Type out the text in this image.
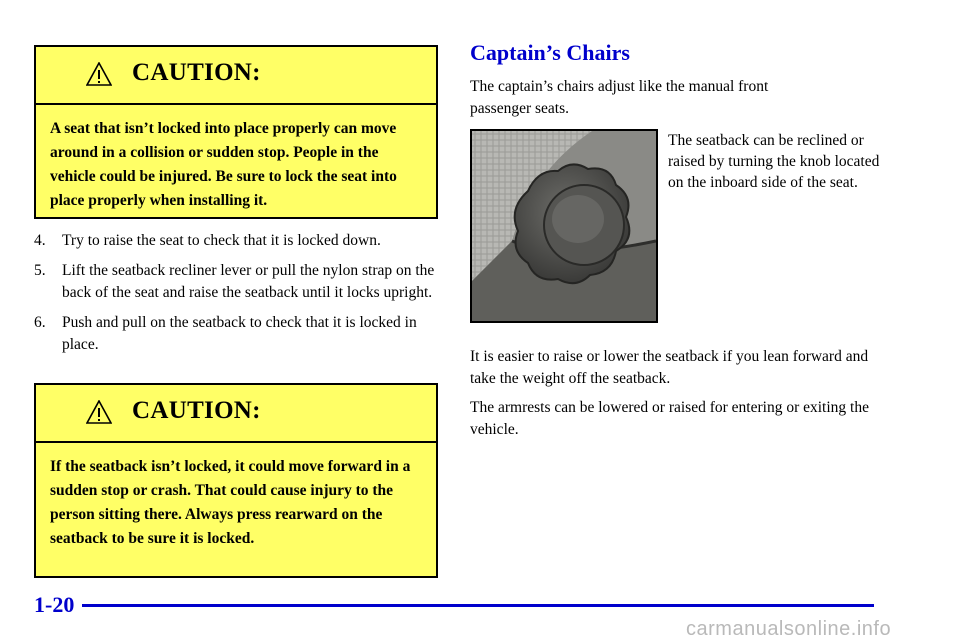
CAUTION:
A seat that isn’t locked into place properly can move around in a collision or sudden stop. People in the vehicle could be injured. Be sure to lock the seat into place properly when installing it.
4. Try to raise the seat to check that it is locked down.
5. Lift the seatback recliner lever or pull the nylon strap on the back of the seat and raise the seatback until it locks upright.
6. Push and pull on the seatback to check that it is locked in place.
CAUTION:
If the seatback isn’t locked, it could move forward in a sudden stop or crash. That could cause injury to the person sitting there. Always press rearward on the seatback to be sure it is locked.
Captain’s Chairs
The captain’s chairs adjust like the manual front passenger seats.
The seatback can be reclined or raised by turning the knob located on the inboard side of the seat.
It is easier to raise or lower the seatback if you lean forward and take the weight off the seatback.
The armrests can be lowered or raised for entering or exiting the vehicle.
1-20
carmanualsonline.info
